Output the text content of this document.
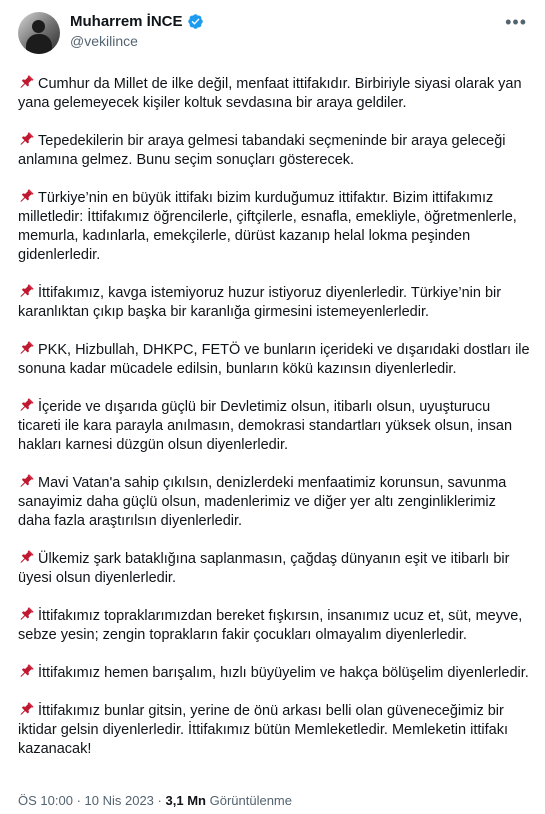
Muharrem İNCE
@vekilince
•••
Cumhur da Millet de ilke değil, menfaat ittifakıdır. Birbiriyle siyasi olarak yan yana gelemeyecek kişiler koltuk sevdasına bir araya geldiler.
Tepedekilerin bir araya gelmesi tabandaki seçmeninde bir araya geleceği anlamına gelmez. Bunu seçim sonuçları gösterecek.
Türkiye’nin en büyük ittifakı bizim kurduğumuz ittifaktır. Bizim ittifakımız milletledir: İttifakımız öğrencilerle, çiftçilerle, esnafla, emekliyle, öğretmenlerle, memurla, kadınlarla, emekçilerle, dürüst kazanıp helal lokma peşinden gidenlerledir.
İttifakımız, kavga istemiyoruz huzur istiyoruz diyenlerledir. Türkiye’nin bir karanlıktan çıkıp başka bir karanlığa girmesini istemeyenlerledir.
PKK, Hizbullah, DHKPC, FETÖ ve bunların içerideki ve dışarıdaki dostları ile sonuna kadar mücadele edilsin, bunların kökü kazınsın diyenlerledir.
İçeride ve dışarıda güçlü bir Devletimiz olsun, itibarlı olsun, uyuşturucu ticareti ile kara parayla anılmasın, demokrasi standartları yüksek olsun, insan hakları karnesi düzgün olsun diyenlerledir.
Mavi Vatan'a sahip çıkılsın, denizlerdeki menfaatimiz korunsun, savunma sanayimiz daha güçlü olsun, madenlerimiz ve diğer yer altı zenginliklerimiz daha fazla araştırılsın diyenlerledir.
Ülkemiz şark bataklığına saplanmasın, çağdaş dünyanın eşit ve itibarlı bir üyesi olsun diyenlerledir.
İttifakımız topraklarımızdan bereket fışkırsın, insanımız ucuz et, süt, meyve, sebze yesin; zengin toprakların fakir çocukları olmayalım diyenlerledir.
İttifakımız hemen barışalım, hızlı büyüyelim ve hakça bölüşelim diyenlerledir.
İttifakımız bunlar gitsin, yerine de önü arkası belli olan güveneceğimiz bir iktidar gelsin diyenlerledir. İttifakımız bütün Memleketledir. Memleketin ittifakı kazanacak!
ÖS 10:00 · 10 Nis 2023 · 3,1 Mn Görüntülenme
